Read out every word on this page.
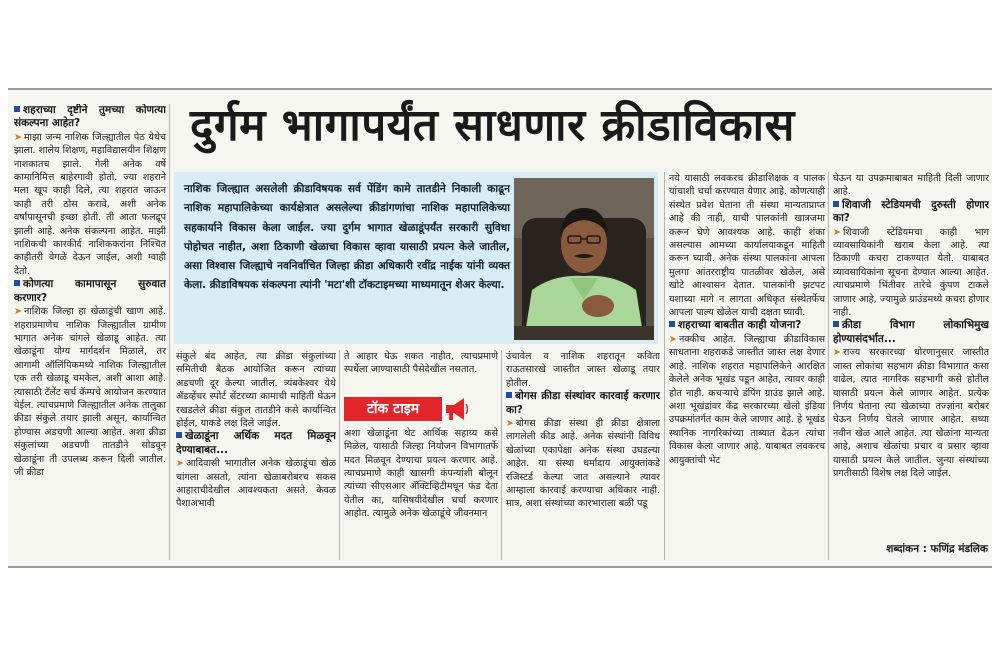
दुर्गम भागापर्यंत साधणार क्रीडाविकास

शहराच्या दृष्टीने तुमच्या कोणत्या संकल्पना आहेत?

➤ माझा जन्म नाशिक जिल्ह्यातील पेठ येथेच झाला. शालेय शिक्षण, महाविद्यालयीन शिक्षण नाशकातच झाले. गेली अनेक वर्षे कामानिमित्त बाहेरगावी होतो. ज्या शहराने मला खूप काही दिले, त्या शहरात जाऊन काही तरी ठोस करावे, अशी अनेक वर्षांपासूनची इच्छा होती. ती आता फलद्रूप झाली आहे. अनेक संकल्पना आहेत. माझी नाशिकची कारकीर्द नाशिककरांना निश्चित काहीतरी वेगळे देऊन जाईल, अशी ग्वाही देतो.

कोणत्या कामापासून सुरुवात करणार?

➤ नाशिक जिल्हा हा खेळाडूंची खाण आहे. शहराप्रमाणेच नाशिक जिल्ह्यातील ग्रामीण भागात अनेक चांगले खेळाडू आहेत. त्या खेळाडूंना योग्य मार्गदर्शन मिळाले, तर आगामी ऑलिंपिकमध्ये नाशिक जिल्ह्यातील एक तरी खेळाडू चमकेल, अशी आशा आहे. त्यासाठी टॅलेंट सर्च कॅम्पचे आयोजन करण्यात येईल. त्याचप्रमाणे जिल्ह्यातील अनेक तालुका क्रीडा संकुले तयार झाली असून, कार्यान्वित होण्यास अडचणी आल्या आहेत. अशा क्रीडा संकुलांच्या अडचणी तातडीने सोडवून खेळाडूंना ती उपलब्ध करून दिली जातील. जी क्रीडा

नाशिक जिल्ह्यात असलेली क्रीडाविषयक सर्व पेंडिंग कामे तातडीने निकाली काढून नाशिक महापालिकेच्या कार्यक्षेत्रात असलेल्या क्रीडांगणांचा नाशिक महापालिकेच्या सहकार्याने विकास केला जाईल. ज्या दुर्गम भागात खेळाडूंपर्यंत सरकारी सुविधा पोहोचत नाहीत, अशा ठिकाणी खेळाचा विकास व्हावा यासाठी प्रयत्न केले जातील, असा विश्वास जिल्ह्याचे नवनिर्वाचित जिल्हा क्रीडा अधिकारी रवींद्र नाईक यांनी व्यक्त केला. क्रीडाविषयक संकल्पना त्यांनी 'मटा'शी टॉकटाइमच्या माध्यमातून शेअर केल्या.

संकुले बंद आहेत, त्या क्रीडा संकुलांच्या समितीची बैठक आयोजित करून त्यांच्या अडचणी दूर केल्या जातील. त्र्यंबकेश्वर येथे ॲडव्हेंचर स्पोर्ट सेंटरच्या कामाची माहिती घेऊन रखडलेले क्रीडा संकुल तातडीने कसे कार्यान्वित होईल, याकडे लक्ष दिले जाईल.

खेळाडूंना अर्थिक मदत मिळवून देण्याबाबत...

➤ आदिवासी भागातील अनेक खेळाडूंचा खेळ चांगला असतो, त्यांना खेळाबरोबरच सकस आहाराचीदेखील आवश्यकता असते. केवळ पैशाअभावी

ते आहार घेऊ शकत नाहीत, त्याचप्रमाणे स्पर्धेला जाण्यासाठी पैसेदेखील नसतात.

अशा खेळाडूंना थेट आर्थिक सहाय्य कसे मिळेल, यासाठी जिल्हा नियोजन विभागातर्फे मदत मिळवून देण्याचा प्रयत्न करणार आहे. त्याचप्रमाणे काही खासगी कंपन्यांशी बोलून त्यांच्या सीएसआर ॲक्टिव्हिटीमधून फंड देता येतील का, यासिषयीदेखील चर्चा करणार आहोत. त्यामुळे अनेक खेळाडूंचे जीवनमान

टॉक टाइम

उंचावेल व नाशिक शहरातून कविता राऊतसारखे जास्तीत जास्त खेळाडू तयार होतील.

बोगस क्रीडा संस्थांवर कारवाई करणार का?

➤ बोगस क्रीडा संस्था ही क्रीडा क्षेत्राला लागलेली कीड आहे. अनेक संस्थांनी विविध खेळांच्या एकापेक्षा अनेक संस्था उघडल्या आहेत. या संस्था धर्मादाय आयुक्तांकडे रजिस्टर्ड केल्या जात असल्याने त्यावर आम्हाला कारवाई करण्याचा अधिकार नाही. मात्र, अशा संस्थांच्या कारभाराला बळी पडू

नये यासाठी लवकरच क्रीडाशिक्षक व पालक यांचाशी चर्चा करण्यात येणार आहे. कोणत्याही संस्थेत प्रवेश घेताना ती संस्था मान्यताप्राप्त आहे की नाही, याची पालकांनी खात्रजमा करून घेणे आवश्यक आहे. काही शंका असल्यास आमच्या कार्यालयाकडून माहिती करून घ्यावी. अनेक संस्था पालकांना आपला मुलगा आंतरराष्ट्रीय पातळीवर खेळेल, असे खोटे आश्वासन देतात. पालकांनी झटपट यशाच्या मागे न लागता अधिकृत संस्थेतर्फेच आपला पाल्य खेळेल याची दक्षता घ्यावी.

शहराच्या बाबतीत काही योजना?

➤ नक्कीच आहेत. जिल्ह्याचा क्रीडाविकास साधताना शहराकडे जास्तीत जास्त लक्ष देणार आहे. नाशिक शहरात महापालिकेने आरक्षित केलेले अनेक भूखंड पडून आहेत, त्यावर काही होत नाही. कचऱ्याचे डंपिंग ग्राउंड झाले आहे. अशा भूखंडांवर केंद्र सरकारच्या खेलो इंडिया उपक्रमांतर्गत काम केले जाणार आहे. हे भूखंड स्थानिक नागरिकांच्या ताब्यात देऊन त्यांचा विकास केला जाणार आहे. याबाबत लवकरच आयुक्तांची भेट

घेऊन या उपक्रमाबाबत माहिती दिली जाणार आहे.

शिवाजी स्टेडियमची दुरुस्ती होणार का?

➤ शिवाजी स्टेडियमचा काही भाग व्यावसायिकांनी खराब केला आहे. त्या ठिकाणी कचरा टाकण्यात येतो. याबाबत व्यावसायिकांना सूचना देण्यात आल्या आहेत. त्याचप्रमाणे भिंतीवर तारेचे कुंपण टाकले जाणार आहे, ज्यामुळे ग्राउंडमध्ये कचरा होणार नाही.

क्रीडा विभाग लोकाभिमुख होण्यासंदर्भात...

➤ राज्य सरकारच्या धोरणानुसार जास्तीत जास्त लोकांचा सहभाग क्रीडा विभागात कसा वाढेल, त्यात नागरिक सहभागी कसे होतील यासाठी प्रयत्न केले जाणार आहेत. प्रत्येक निर्णय घेताना त्या खेळाच्या तज्ज्ञांना बरोबर घेऊन निर्णय घेतले जाणार आहेत. सध्या नवीन खेळ आले आहेत. त्या खेळांना मान्यता आहे, अशाच खेळांचा प्रचार व प्रसार व्हावा यासाठी प्रयत्न केले जातील. जुन्या संस्थांच्या प्रगतीसाठी विशेष लक्ष दिले जाईल.

शब्दांकन : फणिंद्र मंडलिक
